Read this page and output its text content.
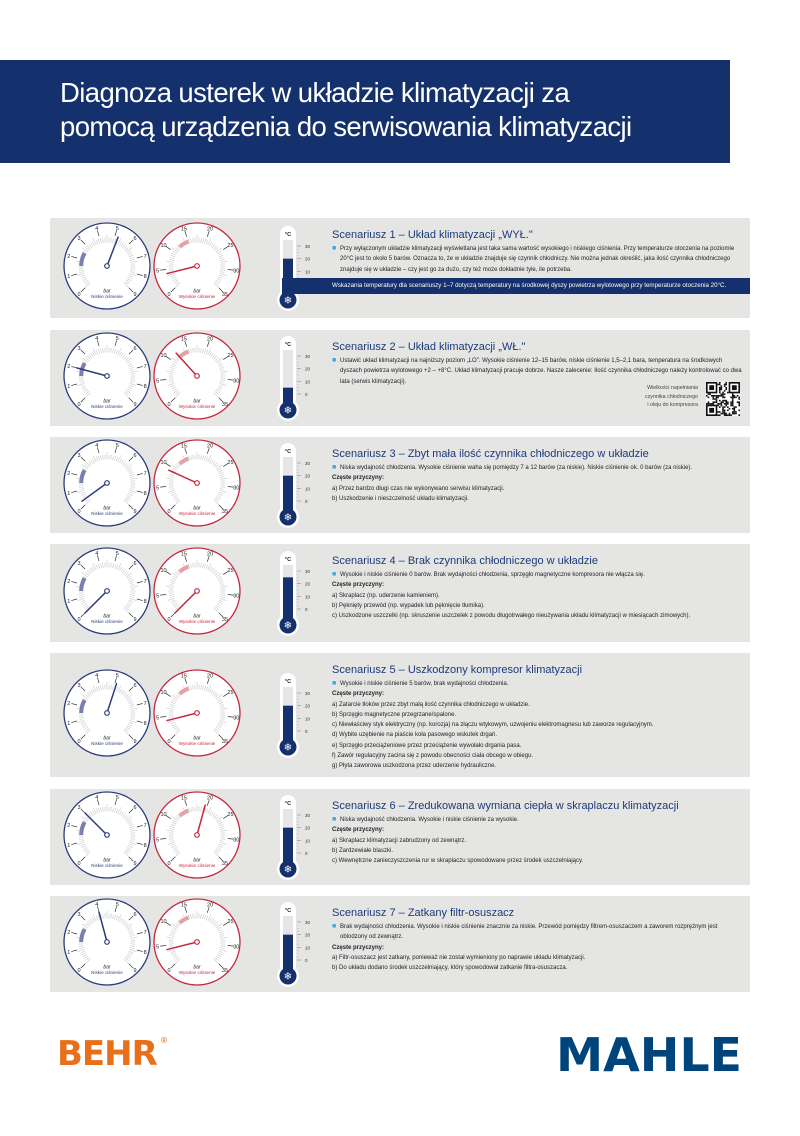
Diagnoza usterek w układzie klimatyzacji za
pomocą urządzenia do serwisowania klimatyzacji
0
1
2
3
4	5
6
7
8
9
bar
Niskie ciśnienie	0
5
10
15	20
25
30
35
bar
Wysokie ciśnienie	❄
°C
30
20
10
Scenariusz 1 – Układ klimatyzacji „WYŁ."
■ Przy wyłączonym układzie klimatyzacji wyświetlana jest taka sama wartość wysokiego i niskiego ciśnienia. Przy temperaturze otoczenia na poziomie 20°C jest to około 5 barów. Oznacza to, że w układzie znajduje się czynnik chłodniczy. Nie można jednak określić, jaka ilość czynnika chłodniczego znajduje się w układzie – czy jest go za dużo, czy też może dokładnie tyle, ile potrzeba.
Wskazania temperatury dla scenariuszy 1–7 dotyczą temperatury na środkowej dyszy powietrza wylotowego przy temperaturze otoczenia 20°C.
0
1
2
3
4	5
6
7
8
9
bar
Niskie ciśnienie	0
5
10
15	20
25
30
35
bar
Wysokie ciśnienie	❄
°C
30
20
10
0
Scenariusz 2 – Układ klimatyzacji „WŁ."
■ Ustawić układ klimatyzacji na najniższy poziom „LO". Wysokie ciśnienie 12–15 barów, niskie ciśnienie 1,5–2,1 bara, temperatura na środkowych dyszach powietrza wylotowego +2 – +8°C. Układ klimatyzacji pracuje dobrze. Nasze zalecenie: Ilość czynnika chłodniczego należy kontrolować co dwa lata (serwis klimatyzacji).
Wielkości napełniania
czynnika chłodniczego
i oleju do kompresora
0
1
2
3
4	5
6
7
8
9
bar
Niskie ciśnienie	0
5
10
15	20
25
30
35
bar
Wysokie ciśnienie	❄
°C
30
20
10
0
Scenariusz 3 – Zbyt mała ilość czynnika chłodniczego w układzie
■ Niska wydajność chłodzenia. Wysokie ciśnienie waha się pomiędzy 7 a 12 barów (za niskie). Niskie ciśnienie ok. 0 barów (za niskie).
Częste przyczyny:
a) Przez bardzo długi czas nie wykonywano serwisu klimatyzacji.
b) Uszkodzenie i nieszczelność układu klimatyzacji.
0
1
2
3
4	5
6
7
8
9
bar
Niskie ciśnienie	0
5
10
15	20
25
30
35
bar
Wysokie ciśnienie	❄
°C
30
20
10
0
Scenariusz 4 – Brak czynnika chłodniczego w układzie
■ Wysokie i niskie ciśnienie 0 barów. Brak wydajności chłodzenia, sprzęgło magnetyczne kompresora nie włącza się.
Częste przyczyny:
a) Skraplacz (np. uderzenie kamieniem).
b) Pęknięty przewód (np. wypadek lub pęknięcie tłumika).
c) Uszkodzone uszczelki (np. skruszenie uszczelek z powodu długotrwałego nieużywania układu klimatyzacji w miesiącach zimowych).
0
1
2
3
4	5
6
7
8
9
bar
Niskie ciśnienie	0
5
10
15	20
25
30
35
bar
Wysokie ciśnienie	❄
°C
30
20
10
0
Scenariusz 5 – Uszkodzony kompresor klimatyzacji
■ Wysokie i niskie ciśnienie 5 barów, brak wydajności chłodzenia.
Częste przyczyny:
a) Zatarcie tłoków przez zbyt małą ilość czynnika chłodniczego w układzie.
b) Sprzęgło magnetyczne przegrzane/spalone.
c) Niewłaściwy styk elektryczny (np. korozja) na złączu wtykowym, uzwojeniu elektromagnesu lub zaworze regulacyjnym.
d) Wybite uzębienie na piaście koła pasowego wskutek drgań.
e) Sprzęgło przeciążeniowe przez przeciążenie wywołało drgania pasa.
f) Zawór regulacyjny zacina się z powodu obecności ciała obcego w obiegu.
g) Płyta zaworowa uszkodzona przez uderzenie hydrauliczne.
0
1
2
3
4	5
6
7
8
9
bar
Niskie ciśnienie	0
5
10
15	20
25
30
35
bar
Wysokie ciśnienie	❄
°C
30
20
10
0
Scenariusz 6 – Zredukowana wymiana ciepła w skraplaczu klimatyzacji
■ Niska wydajność chłodzenia. Wysokie i niskie ciśnienie za wysokie.
Częste przyczyny:
a) Skraplacz klimatyzacji zabrudzony od zewnątrz.
b) Zardzewiałe blaszki.
c) Wewnętrzne zanieczyszczenia rur w skraplaczu spowodowane przez środek uszczelniający.
0
1
2
3
4	5
6
7
8
9
bar
Niskie ciśnienie	0
5
10
15	20
25
30
35
bar
Wysokie ciśnienie	❄
°C
30
20
10
0
Scenariusz 7 – Zatkany filtr-osuszacz
■ Brak wydajności chłodzenia. Wysokie i niskie ciśnienie znacznie za niskie. Przewód pomiędzy filtrem-osuszaczem a zaworem rozprężnym jest oblodzony od zewnątrz.
Częste przyczyny:
a) Filtr-osuszacz jest zatkany, ponieważ nie został wymieniony po naprawie układu klimatyzacji.
b) Do układu dodano środek uszczelniający, który spowodował zatkanie filtra-osuszacza.
BEHR ®	MAHLE
